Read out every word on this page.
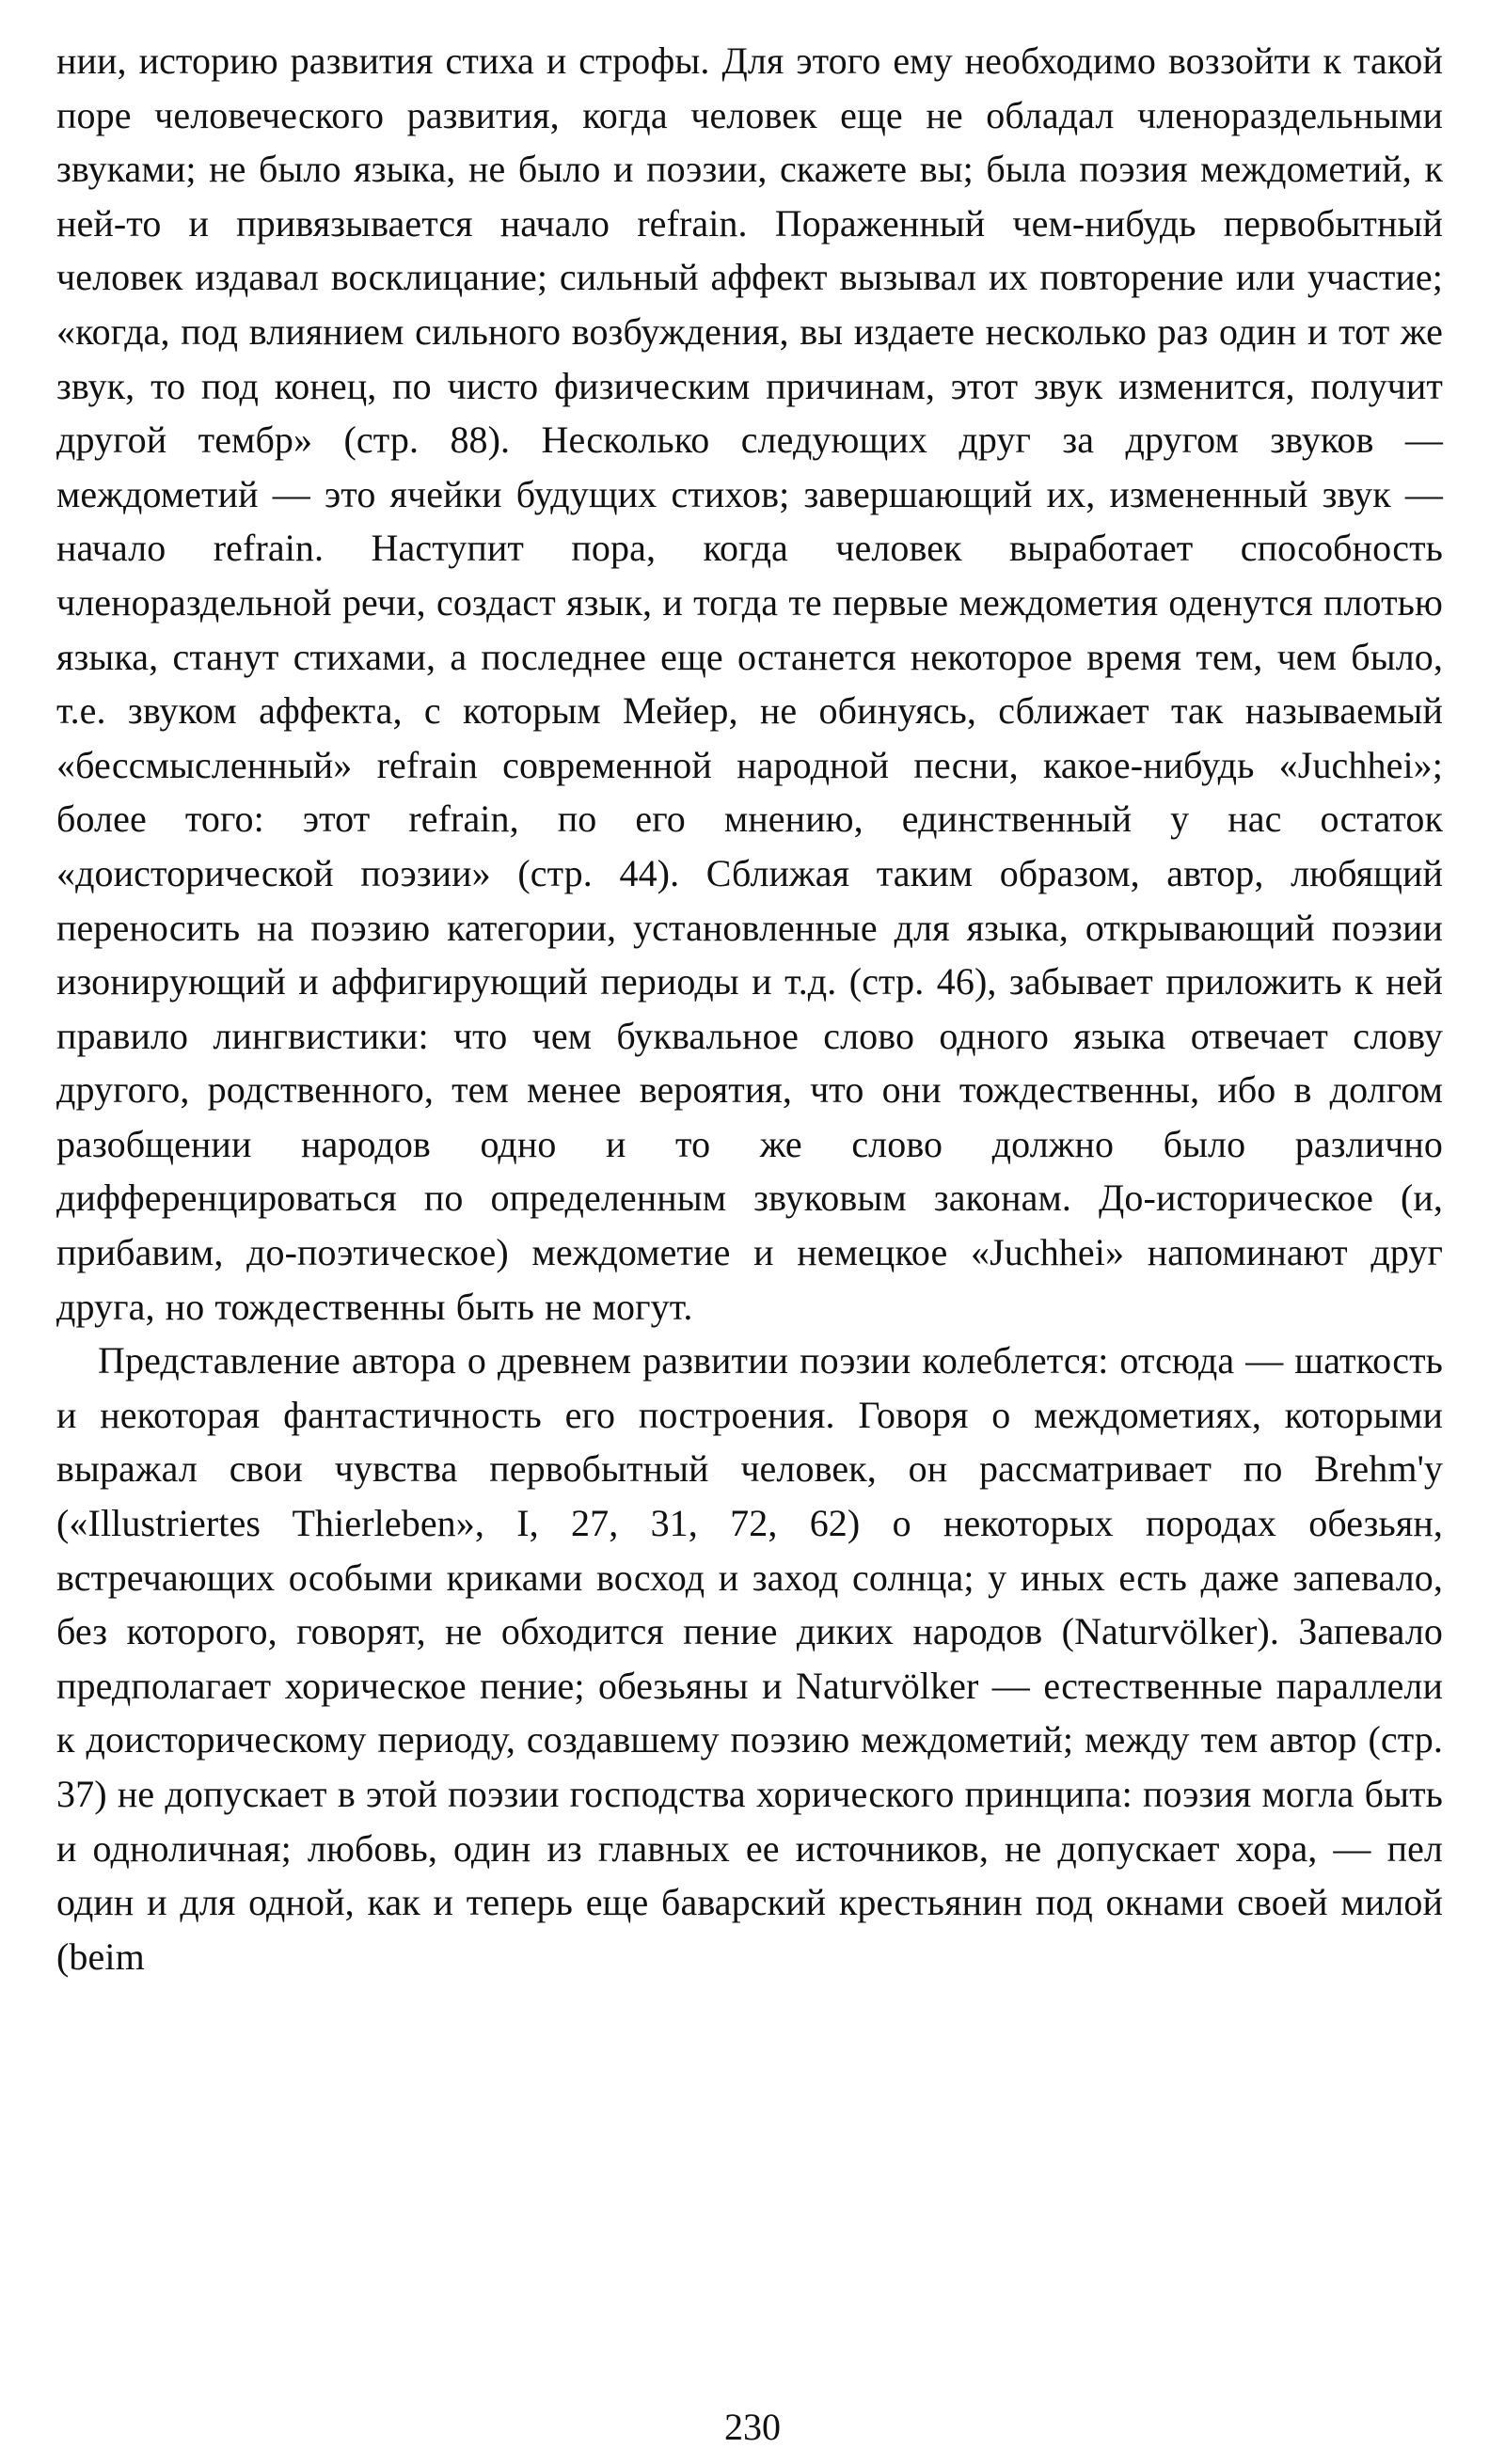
нии, историю развития стиха и строфы. Для этого ему необходимо воззойти к такой поре человеческого развития, когда человек еще не обладал членораздельными звуками; не было языка, не было и поэзии, скажете вы; была поэзия междометий, к ней-то и привязывается начало refrain. Пораженный чем-нибудь первобытный человек издавал восклицание; сильный аффект вызывал их повторение или участие; «когда, под влиянием сильного возбуждения, вы издаете несколько раз один и тот же звук, то под конец, по чисто физическим причинам, этот звук изменится, получит другой тембр» (стр. 88). Несколько следующих друг за другом звуков — междометий — это ячейки будущих стихов; завершающий их, измененный звук — начало refrain. Наступит пора, когда человек выработает способность членораздельной речи, создаст язык, и тогда те первые междометия оденутся плотью языка, станут стихами, а последнее еще останется некоторое время тем, чем было, т.е. звуком аффекта, с которым Мейер, не обинуясь, сближает так называемый «бессмысленный» refrain современной народной песни, какое-нибудь «Juchhei»; более того: этот refrain, по его мнению, единственный у нас остаток «доисторической поэзии» (стр. 44). Сближая таким образом, автор, любящий переносить на поэзию категории, установленные для языка, открывающий поэзии изонирующий и аффигирующий периоды и т.д. (стр. 46), забывает приложить к ней правило лингвистики: что чем буквальное слово одного языка отвечает слову другого, родственного, тем менее вероятия, что они тождественны, ибо в долгом разобщении народов одно и то же слово должно было различно дифференцироваться по определенным звуковым законам. До-историческое (и, прибавим, до-поэтическое) междометие и немецкое «Juchhei» напоминают друг друга, но тождественны быть не могут.

Представление автора о древнем развитии поэзии колеблется: отсюда — шаткость и некоторая фантастичность его построения. Говоря о междометиях, которыми выражал свои чувства первобытный человек, он рассматривает по Brehm'y («Illustriertes Thierleben», I, 27, 31, 72, 62) о некоторых породах обезьян, встречающих особыми криками восход и заход солнца; у иных есть даже запевало, без которого, говорят, не обходится пение диких народов (Naturvölker). Запевало предполагает хорическое пение; обезьяны и Naturvölker — естественные параллели к доисторическому периоду, создавшему поэзию междометий; между тем автор (стр. 37) не допускает в этой поэзии господства хорического принципа: поэзия могла быть и одноличная; любовь, один из главных ее источников, не допускает хора, — пел один и для одной, как и теперь еще баварский крестьянин под окнами своей милой (beim

230
